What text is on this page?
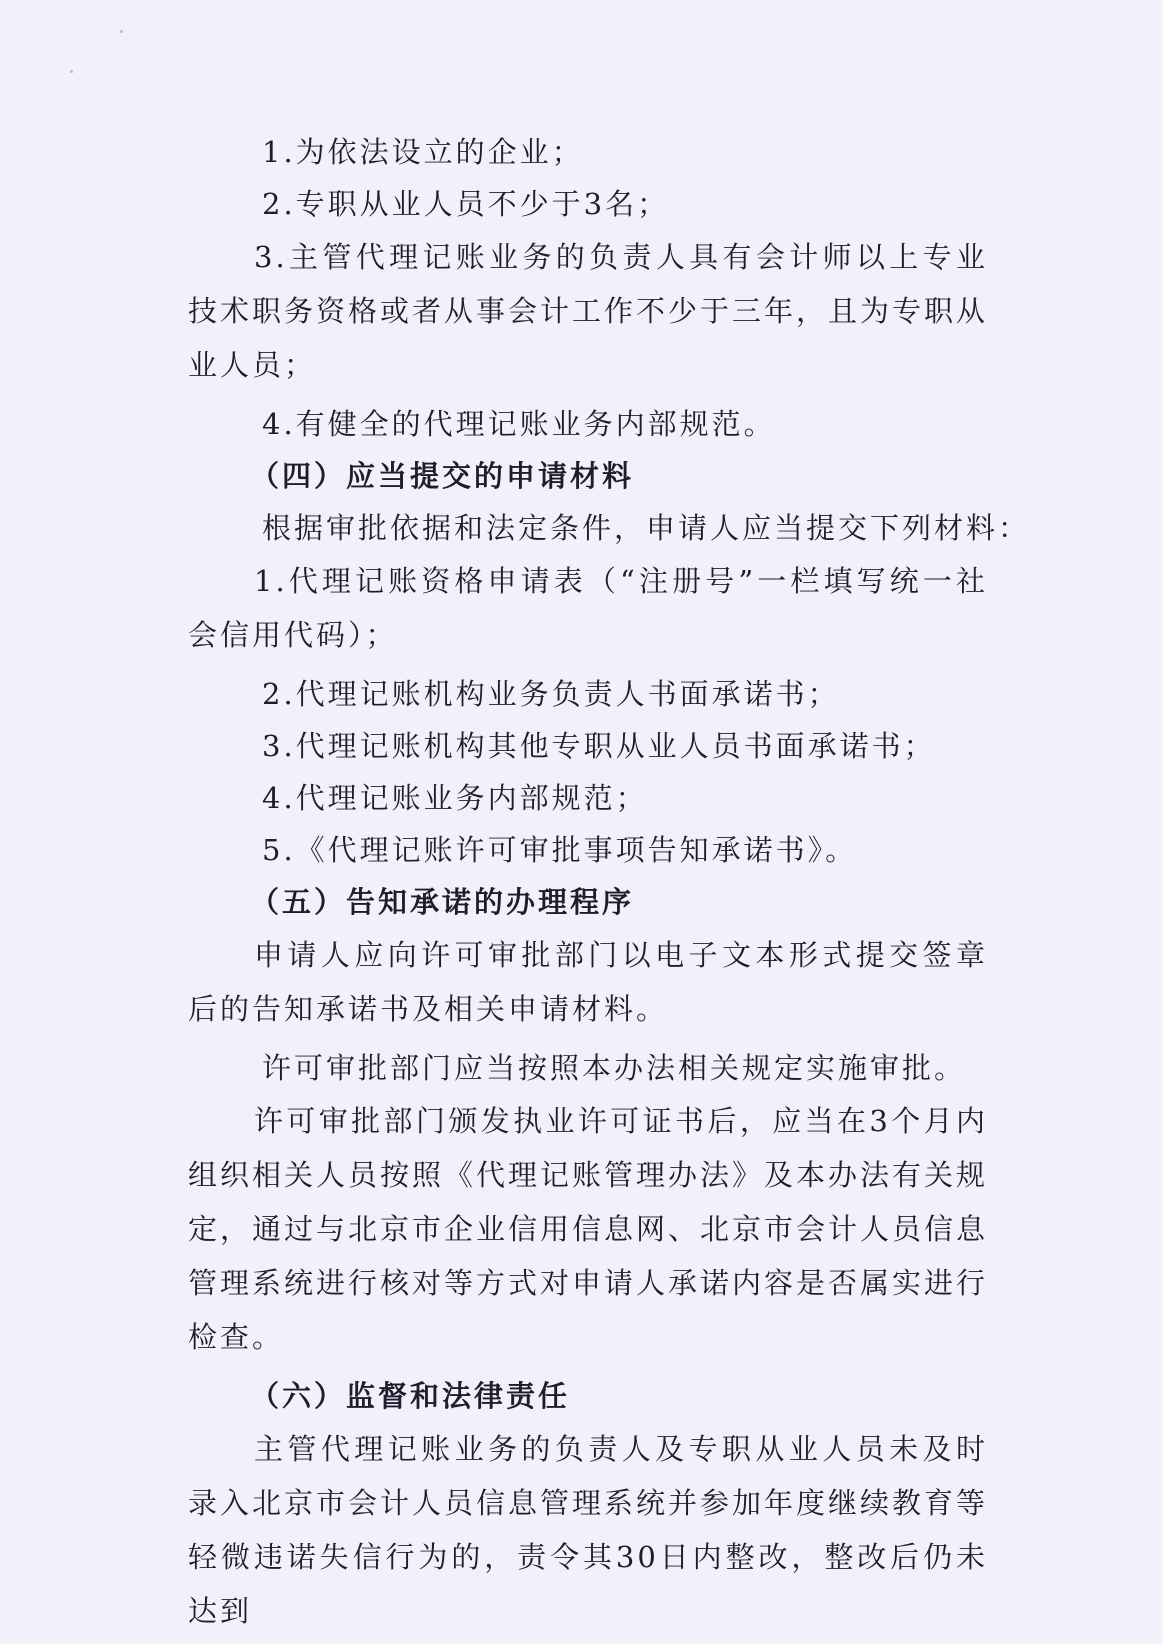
1.为依法设立的企业；
2.专职从业人员不少于3名；
3.主管代理记账业务的负责人具有会计师以上专业技术职务资格或者从事会计工作不少于三年，且为专职从业人员；
4.有健全的代理记账业务内部规范。
（四）应当提交的申请材料
根据审批依据和法定条件，申请人应当提交下列材料：
1.代理记账资格申请表（“注册号”一栏填写统一社会信用代码）；
2.代理记账机构业务负责人书面承诺书；
3.代理记账机构其他专职从业人员书面承诺书；
4.代理记账业务内部规范；
5.《代理记账许可审批事项告知承诺书》。
（五）告知承诺的办理程序
申请人应向许可审批部门以电子文本形式提交签章后的告知承诺书及相关申请材料。
许可审批部门应当按照本办法相关规定实施审批。
许可审批部门颁发执业许可证书后，应当在3个月内组织相关人员按照《代理记账管理办法》及本办法有关规定，通过与北京市企业信用信息网、北京市会计人员信息管理系统进行核对等方式对申请人承诺内容是否属实进行检查。
（六）监督和法律责任
主管代理记账业务的负责人及专职从业人员未及时录入北京市会计人员信息管理系统并参加年度继续教育等轻微违诺失信行为的，责令其30日内整改，整改后仍未达到
